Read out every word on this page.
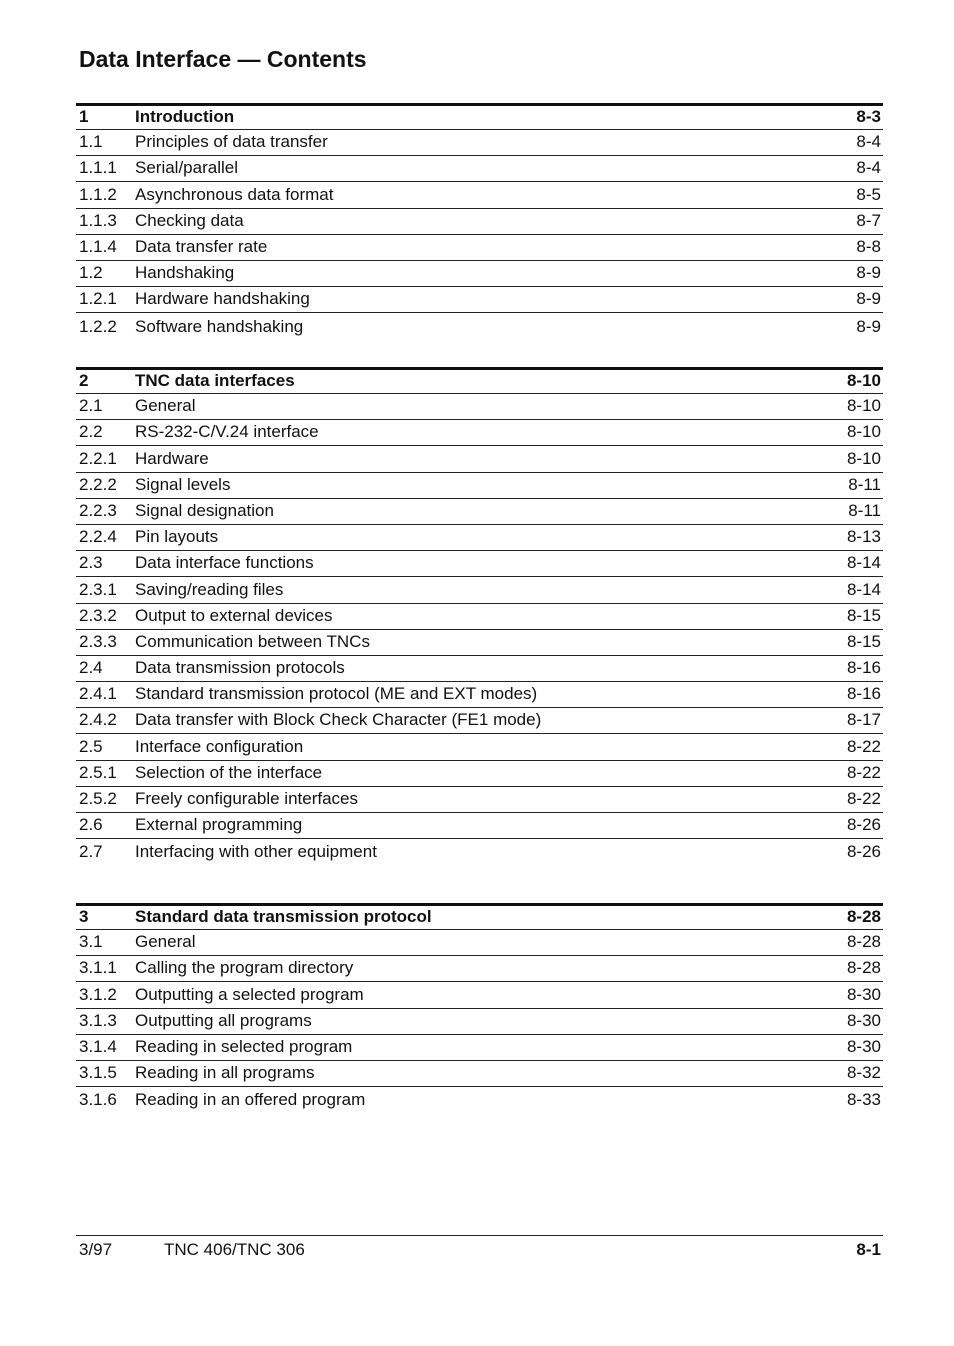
Data Interface — Contents
1	Introduction	8-3
1.1	Principles of data transfer	8-4
1.1.1	Serial/parallel	8-4
1.1.2	Asynchronous data format	8-5
1.1.3	Checking data	8-7
1.1.4	Data transfer rate	8-8
1.2	Handshaking	8-9
1.2.1	Hardware handshaking	8-9
1.2.2	Software handshaking	8-9
2	TNC data interfaces	8-10
2.1	General	8-10
2.2	RS-232-C/V.24 interface	8-10
2.2.1	Hardware	8-10
2.2.2	Signal levels	8-11
2.2.3	Signal designation	8-11
2.2.4	Pin layouts	8-13
2.3	Data interface functions	8-14
2.3.1	Saving/reading files	8-14
2.3.2	Output to external devices	8-15
2.3.3	Communication between TNCs	8-15
2.4	Data transmission protocols	8-16
2.4.1	Standard transmission protocol (ME and EXT modes)	8-16
2.4.2	Data transfer with Block Check Character (FE1 mode)	8-17
2.5	Interface configuration	8-22
2.5.1	Selection of the interface	8-22
2.5.2	Freely configurable interfaces	8-22
2.6	External programming	8-26
2.7	Interfacing with other equipment	8-26
3	Standard data transmission protocol	8-28
3.1	General	8-28
3.1.1	Calling the program directory	8-28
3.1.2	Outputting a selected program	8-30
3.1.3	Outputting all programs	8-30
3.1.4	Reading in selected program	8-30
3.1.5	Reading in all programs	8-32
3.1.6	Reading in an offered program	8-33
3/97	TNC 406/TNC 306	8-1
